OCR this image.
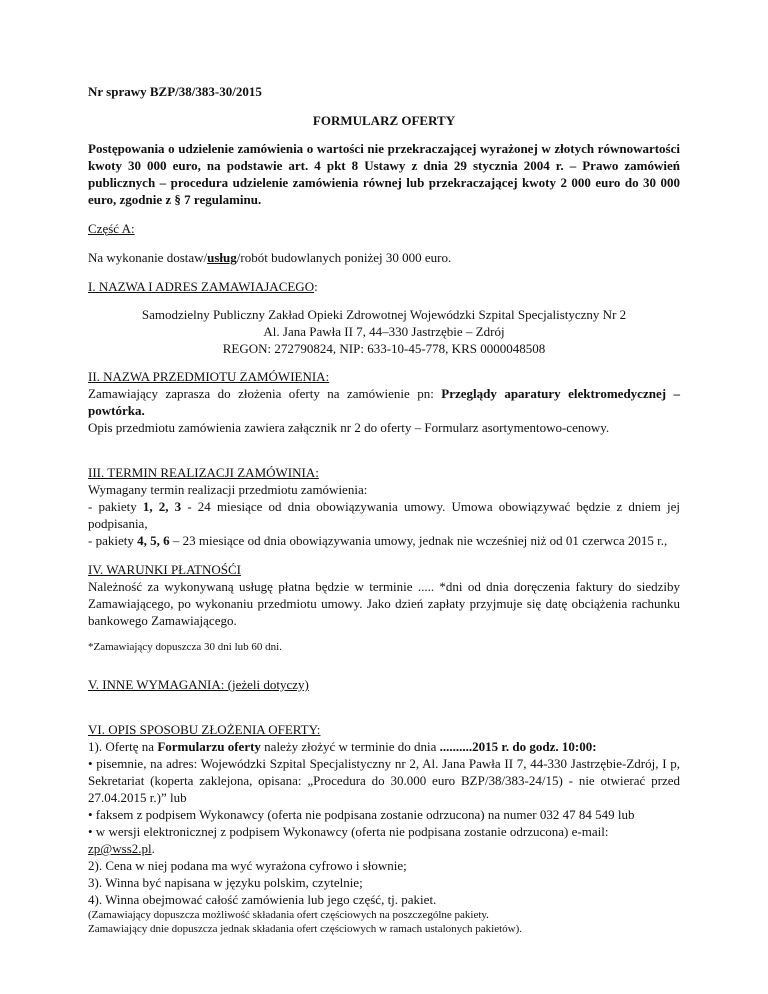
Nr sprawy BZP/38/383-30/2015

FORMULARZ OFERTY

Postępowania o udzielenie zamówienia o wartości nie przekraczającej wyrażonej w złotych równowartości kwoty 30 000 euro, na podstawie art. 4 pkt 8 Ustawy z dnia 29 stycznia 2004 r. – Prawo zamówień publicznych – procedura udzielenie zamówienia równej lub przekraczającej kwoty 2 000 euro do 30 000 euro, zgodnie z § 7 regulaminu.

Część A:

Na wykonanie dostaw/usług/robót budowlanych poniżej 30 000 euro.

I. NAZWA I ADRES ZAMAWIAJACEGO:

Samodzielny Publiczny Zakład Opieki Zdrowotnej Wojewódzki Szpital Specjalistyczny Nr 2

Al. Jana Pawła II 7, 44–330 Jastrzębie – Zdrój

REGON: 272790824, NIP: 633-10-45-778, KRS 0000048508

II. NAZWA PRZEDMIOTU ZAMÓWIENIA:

Zamawiający zaprasza do złożenia oferty na zamówienie pn: Przeglądy aparatury elektromedycznej – powtórka.

Opis przedmiotu zamówienia zawiera załącznik nr 2 do oferty – Formularz asortymentowo-cenowy.

III. TERMIN REALIZACJI ZAMÓWINIA:

Wymagany termin realizacji przedmiotu zamówienia:

- pakiety 1, 2, 3 - 24 miesiące od dnia obowiązywania umowy. Umowa obowiązywać będzie z dniem jej podpisania,

- pakiety 4, 5, 6 – 23 miesiące od dnia obowiązywania umowy, jednak nie wcześniej niż od 01 czerwca 2015 r.,

IV. WARUNKI PŁATNOŚĆI

Należność za wykonywaną usługę płatna będzie w terminie ..... *dni od dnia doręczenia faktury do siedziby Zamawiającego, po wykonaniu przedmiotu umowy. Jako dzień zapłaty przyjmuje się datę obciążenia rachunku bankowego Zamawiającego.

*Zamawiający dopuszcza 30 dni lub 60 dni.

V. INNE WYMAGANIA: (jeżeli dotyczy)

VI. OPIS SPOSOBU ZŁOŻENIA OFERTY:

1). Ofertę na Formularzu oferty należy złożyć w terminie do dnia ..........2015 r. do godz. 10:00:

• pisemnie, na adres: Wojewódzki Szpital Specjalistyczny nr 2, Al. Jana Pawła II 7, 44-330 Jastrzębie-Zdrój, I p, Sekretariat (koperta zaklejona, opisana: „Procedura do 30.000 euro BZP/38/383-24/15) - nie otwierać przed 27.04.2015 r.)” lub

• faksem z podpisem Wykonawcy (oferta nie podpisana zostanie odrzucona) na numer 032 47 84 549 lub

• w wersji elektronicznej z podpisem Wykonawcy (oferta nie podpisana zostanie odrzucona) e-mail:

zp@wss2.pl.

2). Cena w niej podana ma wyć wyrażona cyfrowo i słownie;

3). Winna być napisana w języku polskim, czytelnie;

4). Winna obejmować całość zamówienia lub jego część, tj. pakiet.

(Zamawiający dopuszcza możliwość składania ofert częściowych na poszczególne pakiety.

Zamawiający dnie dopuszcza jednak składania ofert częściowych w ramach ustalonych pakietów).
